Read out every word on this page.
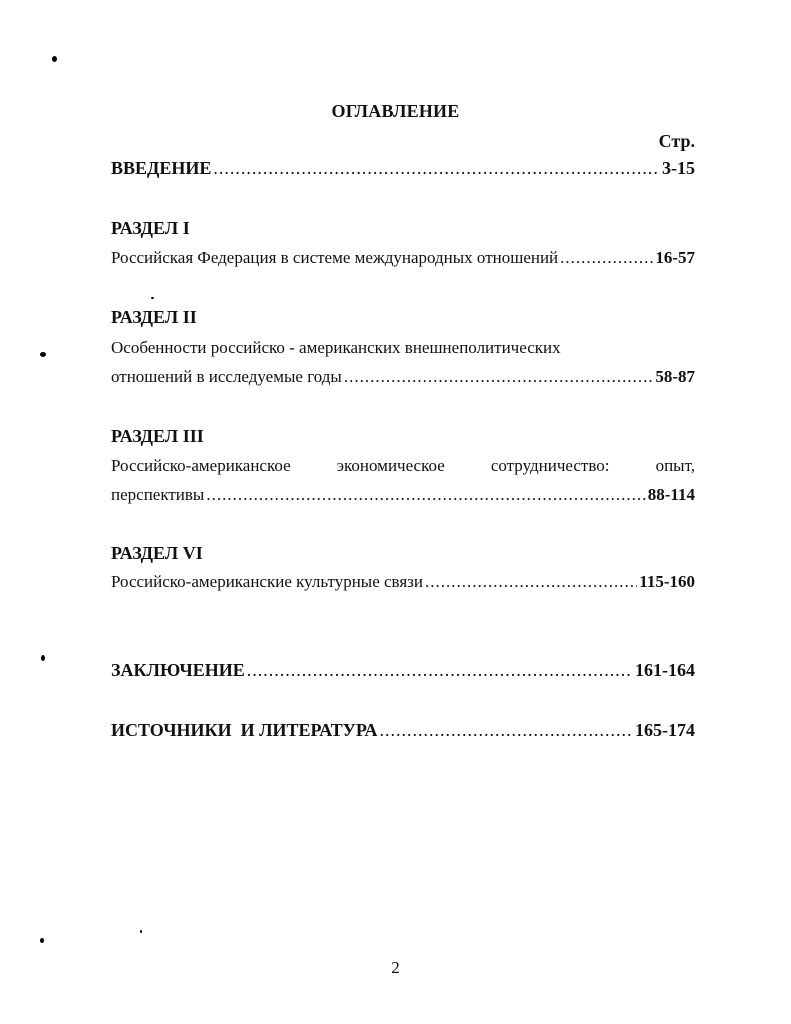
ОГЛАВЛЕНИЕ
Стр.
ВВЕДЕНИЕ .....	3-15
РАЗДЕЛ I
Российская Федерация в системе международных отношений .....	16-57
РАЗДЕЛ II
Особенности российско - американских внешнеполитических
отношений в исследуемые годы .....	58-87
РАЗДЕЛ III
Российско-американское	экономическое	сотрудничество:	опыт,
перспективы .....	88-114
РАЗДЕЛ VI
Российско-американские культурные связи .....	115-160
ЗАКЛЮЧЕНИЕ .....	161-164
ИСТОЧНИКИ  И ЛИТЕРАТУРА .....	165-174
2
